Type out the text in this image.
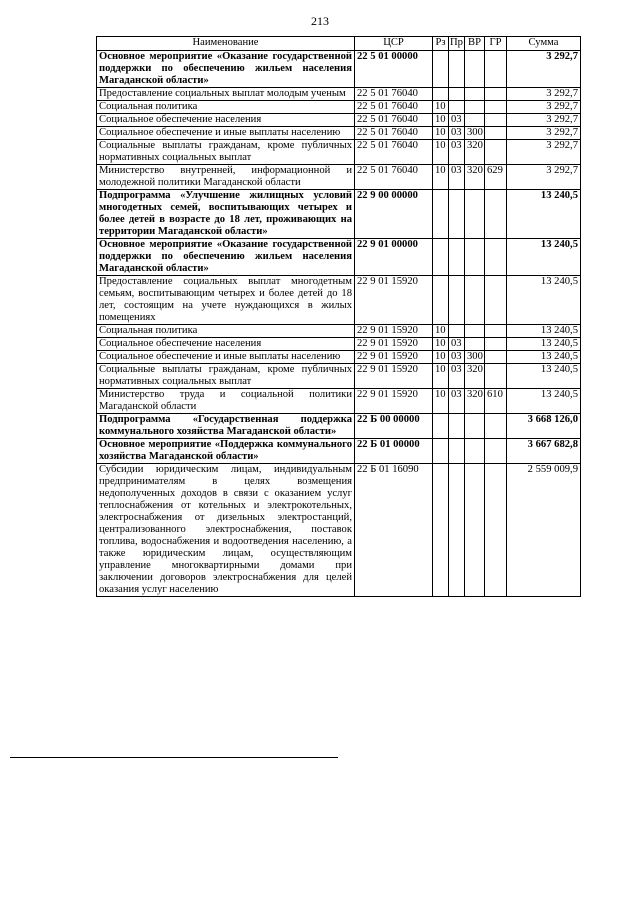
213
Наименование	ЦСР	Рз	Пр	ВР	ГР	Сумма
Основное мероприятие «Оказание государственной поддержки по обеспечению жильем населения Магаданской области»	22 5 01 00000					3 292,7
Предоставление социальных выплат молодым ученым	22 5 01 76040					3 292,7
Социальная политика	22 5 01 76040	10				3 292,7
Социальное обеспечение населения	22 5 01 76040	10	03			3 292,7
Социальное обеспечение и иные выплаты населению	22 5 01 76040	10	03	300		3 292,7
Социальные выплаты гражданам, кроме публичных нормативных социальных выплат	22 5 01 76040	10	03	320		3 292,7
Министерство внутренней, информационной и молодежной политики Магаданской области	22 5 01 76040	10	03	320	629	3 292,7
Подпрограмма «Улучшение жилищных условий многодетных семей, воспитывающих четырех и более детей в возрасте до 18 лет, проживающих на территории Магаданской области»	22 9 00 00000					13 240,5
Основное мероприятие «Оказание государственной поддержки по обеспечению жильем населения Магаданской области»	22 9 01 00000					13 240,5
Предоставление социальных выплат многодетным семьям, воспитывающим четырех и более детей до 18 лет, состоящим на учете нуждающихся в жилых помещениях	22 9 01 15920					13 240,5
Социальная политика	22 9 01 15920	10				13 240,5
Социальное обеспечение населения	22 9 01 15920	10	03			13 240,5
Социальное обеспечение и иные выплаты населению	22 9 01 15920	10	03	300		13 240,5
Социальные выплаты гражданам, кроме публичных нормативных социальных выплат	22 9 01 15920	10	03	320		13 240,5
Министерство труда и социальной политики Магаданской области	22 9 01 15920	10	03	320	610	13 240,5
Подпрограмма «Государственная поддержка коммунального хозяйства Магаданской области»	22 Б 00 00000					3 668 126,0
Основное мероприятие «Поддержка коммунального хозяйства Магаданской области»	22 Б 01 00000					3 667 682,8
Субсидии юридическим лицам, индивидуальным предпринимателям в целях возмещения недополученных доходов в связи с оказанием услуг теплоснабжения от котельных и электрокотельных, электроснабжения от дизельных электростанций, централизованного электроснабжения, поставок топлива, водоснабжения и водоотведения населению, а также юридическим лицам, осуществляющим управление многоквартирными домами при заключении договоров электроснабжения для целей оказания услуг населению	22 Б 01 16090					2 559 009,9
